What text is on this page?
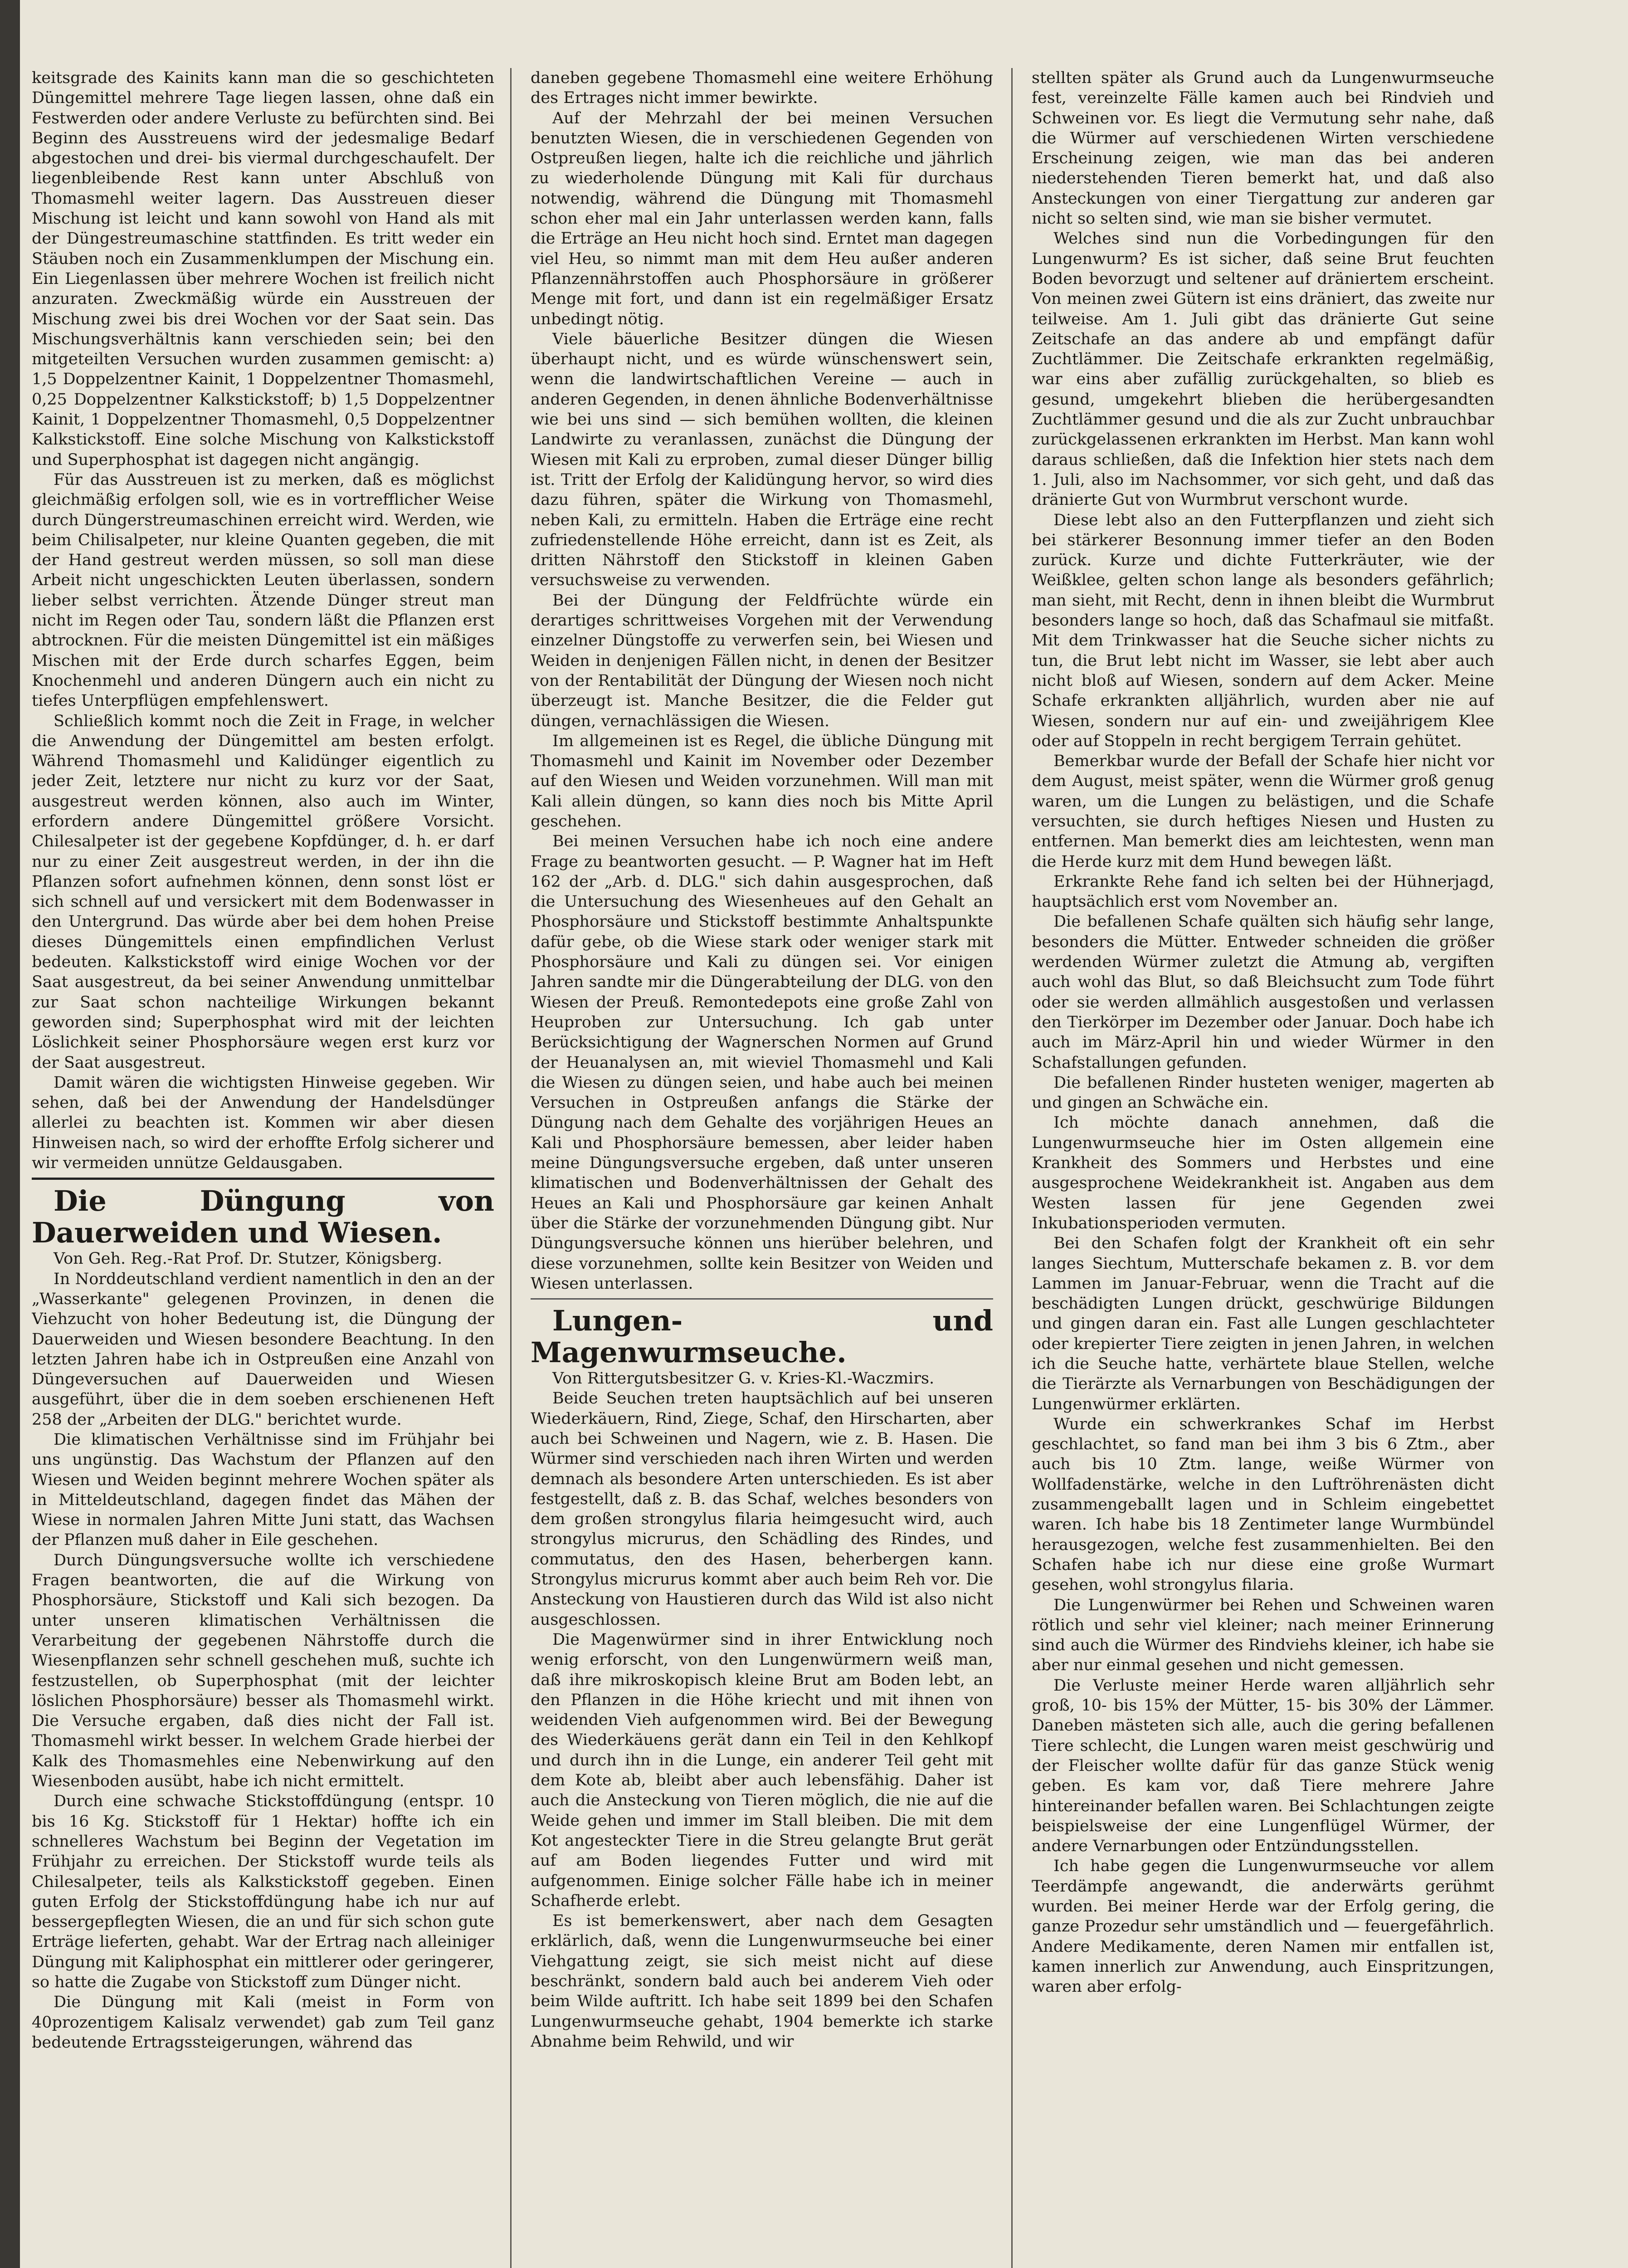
keitsgrade des Kainits kann man die so geschichteten Düngemittel mehrere Tage liegen lassen, ohne daß ein Festwerden oder andere Verluste zu befürchten sind. Bei Beginn des Ausstreuens wird der jedesmalige Bedarf abgestochen und drei- bis viermal durchgeschaufelt. Der liegenbleibende Rest kann unter Abschluß von Thomasmehl weiter lagern. Das Ausstreuen dieser Mischung ist leicht und kann sowohl von Hand als mit der Düngestreumaschine stattfinden. Es tritt weder ein Stäuben noch ein Zusammenklumpen der Mischung ein. Ein Liegenlassen über mehrere Wochen ist freilich nicht anzuraten. Zweckmäßig würde ein Ausstreuen der Mischung zwei bis drei Wochen vor der Saat sein. Das Mischungsverhältnis kann verschieden sein; bei den mitgeteilten Versuchen wurden zusammen gemischt: a) 1,5 Doppelzentner Kainit, 1 Doppelzentner Thomasmehl, 0,25 Doppelzentner Kalkstickstoff; b) 1,5 Doppelzentner Kainit, 1 Doppelzentner Thomasmehl, 0,5 Doppelzentner Kalkstickstoff. Eine solche Mischung von Kalkstickstoff und Superphosphat ist dagegen nicht angängig.

Für das Ausstreuen ist zu merken, daß es möglichst gleichmäßig erfolgen soll, wie es in vortrefflicher Weise durch Düngerstreumaschinen erreicht wird. Werden, wie beim Chilisalpeter, nur kleine Quanten gegeben, die mit der Hand gestreut werden müssen, so soll man diese Arbeit nicht ungeschickten Leuten überlassen, sondern lieber selbst verrichten. Ätzende Dünger streut man nicht im Regen oder Tau, sondern läßt die Pflanzen erst abtrocknen. Für die meisten Düngemittel ist ein mäßiges Mischen mit der Erde durch scharfes Eggen, beim Knochenmehl und anderen Düngern auch ein nicht zu tiefes Unterpflügen empfehlenswert.

Schließlich kommt noch die Zeit in Frage, in welcher die Anwendung der Düngemittel am besten erfolgt. Während Thomasmehl und Kalidünger eigentlich zu jeder Zeit, letztere nur nicht zu kurz vor der Saat, ausgestreut werden können, also auch im Winter, erfordern andere Düngemittel größere Vorsicht. Chilesalpeter ist der gegebene Kopfdünger, d. h. er darf nur zu einer Zeit ausgestreut werden, in der ihn die Pflanzen sofort aufnehmen können, denn sonst löst er sich schnell auf und versickert mit dem Bodenwasser in den Untergrund. Das würde aber bei dem hohen Preise dieses Düngemittels einen empfindlichen Verlust bedeuten. Kalkstickstoff wird einige Wochen vor der Saat ausgestreut, da bei seiner Anwendung unmittelbar zur Saat schon nachteilige Wirkungen bekannt geworden sind; Superphosphat wird mit der leichten Löslichkeit seiner Phosphorsäure wegen erst kurz vor der Saat ausgestreut.

Damit wären die wichtigsten Hinweise gegeben. Wir sehen, daß bei der Anwendung der Handelsdünger allerlei zu beachten ist. Kommen wir aber diesen Hinweisen nach, so wird der erhoffte Erfolg sicherer und wir vermeiden unnütze Geldausgaben.

Die Düngung von Dauerweiden und Wiesen.

Von Geh. Reg.-Rat Prof. Dr. Stutzer, Königsberg.

In Norddeutschland verdient namentlich in den an der „Wasserkante" gelegenen Provinzen, in denen die Viehzucht von hoher Bedeutung ist, die Düngung der Dauerweiden und Wiesen besondere Beachtung. In den letzten Jahren habe ich in Ostpreußen eine Anzahl von Düngeversuchen auf Dauerweiden und Wiesen ausgeführt, über die in dem soeben erschienenen Heft 258 der „Arbeiten der DLG." berichtet wurde.

Die klimatischen Verhältnisse sind im Frühjahr bei uns ungünstig. Das Wachstum der Pflanzen auf den Wiesen und Weiden beginnt mehrere Wochen später als in Mitteldeutschland, dagegen findet das Mähen der Wiese in normalen Jahren Mitte Juni statt, das Wachsen der Pflanzen muß daher in Eile geschehen.

Durch Düngungsversuche wollte ich verschiedene Fragen beantworten, die auf die Wirkung von Phosphorsäure, Stickstoff und Kali sich bezogen. Da unter unseren klimatischen Verhältnissen die Verarbeitung der gegebenen Nährstoffe durch die Wiesenpflanzen sehr schnell geschehen muß, suchte ich festzustellen, ob Superphosphat (mit der leichter löslichen Phosphorsäure) besser als Thomasmehl wirkt. Die Versuche ergaben, daß dies nicht der Fall ist. Thomasmehl wirkt besser. In welchem Grade hierbei der Kalk des Thomasmehles eine Nebenwirkung auf den Wiesenboden ausübt, habe ich nicht ermittelt.

Durch eine schwache Stickstoffdüngung (entspr. 10 bis 16 Kg. Stickstoff für 1 Hektar) hoffte ich ein schnelleres Wachstum bei Beginn der Vegetation im Frühjahr zu erreichen. Der Stickstoff wurde teils als Chilesalpeter, teils als Kalkstickstoff gegeben. Einen guten Erfolg der Stickstoffdüngung habe ich nur auf bessergepflegten Wiesen, die an und für sich schon gute Erträge lieferten, gehabt. War der Ertrag nach alleiniger Düngung mit Kaliphosphat ein mittlerer oder geringerer, so hatte die Zugabe von Stickstoff zum Dünger nicht.

Die Düngung mit Kali (meist in Form von 40prozentigem Kalisalz verwendet) gab zum Teil ganz bedeutende Ertragssteigerungen, während das

daneben gegebene Thomasmehl eine weitere Erhöhung des Ertrages nicht immer bewirkte.

Auf der Mehrzahl der bei meinen Versuchen benutzten Wiesen, die in verschiedenen Gegenden von Ostpreußen liegen, halte ich die reichliche und jährlich zu wiederholende Düngung mit Kali für durchaus notwendig, während die Düngung mit Thomasmehl schon eher mal ein Jahr unterlassen werden kann, falls die Erträge an Heu nicht hoch sind. Erntet man dagegen viel Heu, so nimmt man mit dem Heu außer anderen Pflanzennährstoffen auch Phosphorsäure in größerer Menge mit fort, und dann ist ein regelmäßiger Ersatz unbedingt nötig.

Viele bäuerliche Besitzer düngen die Wiesen überhaupt nicht, und es würde wünschenswert sein, wenn die landwirtschaftlichen Vereine — auch in anderen Gegenden, in denen ähnliche Bodenverhältnisse wie bei uns sind — sich bemühen wollten, die kleinen Landwirte zu veranlassen, zunächst die Düngung der Wiesen mit Kali zu erproben, zumal dieser Dünger billig ist. Tritt der Erfolg der Kalidüngung hervor, so wird dies dazu führen, später die Wirkung von Thomasmehl, neben Kali, zu ermitteln. Haben die Erträge eine recht zufriedenstellende Höhe erreicht, dann ist es Zeit, als dritten Nährstoff den Stickstoff in kleinen Gaben versuchsweise zu verwenden.

Bei der Düngung der Feldfrüchte würde ein derartiges schrittweises Vorgehen mit der Verwendung einzelner Düngstoffe zu verwerfen sein, bei Wiesen und Weiden in denjenigen Fällen nicht, in denen der Besitzer von der Rentabilität der Düngung der Wiesen noch nicht überzeugt ist. Manche Besitzer, die die Felder gut düngen, vernachlässigen die Wiesen.

Im allgemeinen ist es Regel, die übliche Düngung mit Thomasmehl und Kainit im November oder Dezember auf den Wiesen und Weiden vorzunehmen. Will man mit Kali allein düngen, so kann dies noch bis Mitte April geschehen.

Bei meinen Versuchen habe ich noch eine andere Frage zu beantworten gesucht. — P. Wagner hat im Heft 162 der „Arb. d. DLG." sich dahin ausgesprochen, daß die Untersuchung des Wiesenheues auf den Gehalt an Phosphorsäure und Stickstoff bestimmte Anhaltspunkte dafür gebe, ob die Wiese stark oder weniger stark mit Phosphorsäure und Kali zu düngen sei. Vor einigen Jahren sandte mir die Düngerabteilung der DLG. von den Wiesen der Preuß. Remontedepots eine große Zahl von Heuproben zur Untersuchung. Ich gab unter Berücksichtigung der Wagnerschen Normen auf Grund der Heuanalysen an, mit wieviel Thomasmehl und Kali die Wiesen zu düngen seien, und habe auch bei meinen Versuchen in Ostpreußen anfangs die Stärke der Düngung nach dem Gehalte des vorjährigen Heues an Kali und Phosphorsäure bemessen, aber leider haben meine Düngungsversuche ergeben, daß unter unseren klimatischen und Bodenverhältnissen der Gehalt des Heues an Kali und Phosphorsäure gar keinen Anhalt über die Stärke der vorzunehmenden Düngung gibt. Nur Düngungsversuche können uns hierüber belehren, und diese vorzunehmen, sollte kein Besitzer von Weiden und Wiesen unterlassen.

Lungen- und Magenwurmseuche.

Von Rittergutsbesitzer G. v. Kries-Kl.-Waczmirs.

Beide Seuchen treten hauptsächlich auf bei unseren Wiederkäuern, Rind, Ziege, Schaf, den Hirscharten, aber auch bei Schweinen und Nagern, wie z. B. Hasen. Die Würmer sind verschieden nach ihren Wirten und werden demnach als besondere Arten unterschieden. Es ist aber festgestellt, daß z. B. das Schaf, welches besonders von dem großen strongylus filaria heimgesucht wird, auch strongylus micrurus, den Schädling des Rindes, und commutatus, den des Hasen, beherbergen kann. Strongylus micrurus kommt aber auch beim Reh vor. Die Ansteckung von Haustieren durch das Wild ist also nicht ausgeschlossen.

Die Magenwürmer sind in ihrer Entwicklung noch wenig erforscht, von den Lungenwürmern weiß man, daß ihre mikroskopisch kleine Brut am Boden lebt, an den Pflanzen in die Höhe kriecht und mit ihnen von weidenden Vieh aufgenommen wird. Bei der Bewegung des Wiederkäuens gerät dann ein Teil in den Kehlkopf und durch ihn in die Lunge, ein anderer Teil geht mit dem Kote ab, bleibt aber auch lebensfähig. Daher ist auch die Ansteckung von Tieren möglich, die nie auf die Weide gehen und immer im Stall bleiben. Die mit dem Kot angesteckter Tiere in die Streu gelangte Brut gerät auf am Boden liegendes Futter und wird mit aufgenommen. Einige solcher Fälle habe ich in meiner Schafherde erlebt.

Es ist bemerkenswert, aber nach dem Gesagten erklärlich, daß, wenn die Lungenwurmseuche bei einer Viehgattung zeigt, sie sich meist nicht auf diese beschränkt, sondern bald auch bei anderem Vieh oder beim Wilde auftritt. Ich habe seit 1899 bei den Schafen Lungenwurmseuche gehabt, 1904 bemerkte ich starke Abnahme beim Rehwild, und wir

stellten später als Grund auch da Lungenwurmseuche fest, vereinzelte Fälle kamen auch bei Rindvieh und Schweinen vor. Es liegt die Vermutung sehr nahe, daß die Würmer auf verschiedenen Wirten verschiedene Erscheinung zeigen, wie man das bei anderen niederstehenden Tieren bemerkt hat, und daß also Ansteckungen von einer Tiergattung zur anderen gar nicht so selten sind, wie man sie bisher vermutet.

Welches sind nun die Vorbedingungen für den Lungenwurm? Es ist sicher, daß seine Brut feuchten Boden bevorzugt und seltener auf dräniertem erscheint. Von meinen zwei Gütern ist eins dräniert, das zweite nur teilweise. Am 1. Juli gibt das dränierte Gut seine Zeitschafe an das andere ab und empfängt dafür Zuchtlämmer. Die Zeitschafe erkrankten regelmäßig, war eins aber zufällig zurückgehalten, so blieb es gesund, umgekehrt blieben die herübergesandten Zuchtlämmer gesund und die als zur Zucht unbrauchbar zurückgelassenen erkrankten im Herbst. Man kann wohl daraus schließen, daß die Infektion hier stets nach dem 1. Juli, also im Nachsommer, vor sich geht, und daß das dränierte Gut von Wurmbrut verschont wurde.

Diese lebt also an den Futterpflanzen und zieht sich bei stärkerer Besonnung immer tiefer an den Boden zurück. Kurze und dichte Futterkräuter, wie der Weißklee, gelten schon lange als besonders gefährlich; man sieht, mit Recht, denn in ihnen bleibt die Wurmbrut besonders lange so hoch, daß das Schafmaul sie mitfaßt. Mit dem Trinkwasser hat die Seuche sicher nichts zu tun, die Brut lebt nicht im Wasser, sie lebt aber auch nicht bloß auf Wiesen, sondern auf dem Acker. Meine Schafe erkrankten alljährlich, wurden aber nie auf Wiesen, sondern nur auf ein- und zweijährigem Klee oder auf Stoppeln in recht bergigem Terrain gehütet.

Bemerkbar wurde der Befall der Schafe hier nicht vor dem August, meist später, wenn die Würmer groß genug waren, um die Lungen zu belästigen, und die Schafe versuchten, sie durch heftiges Niesen und Husten zu entfernen. Man bemerkt dies am leichtesten, wenn man die Herde kurz mit dem Hund bewegen läßt.

Erkrankte Rehe fand ich selten bei der Hühnerjagd, hauptsächlich erst vom November an.

Die befallenen Schafe quälten sich häufig sehr lange, besonders die Mütter. Entweder schneiden die größer werdenden Würmer zuletzt die Atmung ab, vergiften auch wohl das Blut, so daß Bleichsucht zum Tode führt oder sie werden allmählich ausgestoßen und verlassen den Tierkörper im Dezember oder Januar. Doch habe ich auch im März-April hin und wieder Würmer in den Schafstallungen gefunden.

Die befallenen Rinder husteten weniger, magerten ab und gingen an Schwäche ein.

Ich möchte danach annehmen, daß die Lungenwurmseuche hier im Osten allgemein eine Krankheit des Sommers und Herbstes und eine ausgesprochene Weidekrankheit ist. Angaben aus dem Westen lassen für jene Gegenden zwei Inkubationsperioden vermuten.

Bei den Schafen folgt der Krankheit oft ein sehr langes Siechtum, Mutterschafe bekamen z. B. vor dem Lammen im Januar-Februar, wenn die Tracht auf die beschädigten Lungen drückt, geschwürige Bildungen und gingen daran ein. Fast alle Lungen geschlachteter oder krepierter Tiere zeigten in jenen Jahren, in welchen ich die Seuche hatte, verhärtete blaue Stellen, welche die Tierärzte als Vernarbungen von Beschädigungen der Lungenwürmer erklärten.

Wurde ein schwerkrankes Schaf im Herbst geschlachtet, so fand man bei ihm 3 bis 6 Ztm., aber auch bis 10 Ztm. lange, weiße Würmer von Wollfadenstärke, welche in den Luftröhrenästen dicht zusammengeballt lagen und in Schleim eingebettet waren. Ich habe bis 18 Zentimeter lange Wurmbündel herausgezogen, welche fest zusammenhielten. Bei den Schafen habe ich nur diese eine große Wurmart gesehen, wohl strongylus filaria.

Die Lungenwürmer bei Rehen und Schweinen waren rötlich und sehr viel kleiner; nach meiner Erinnerung sind auch die Würmer des Rindviehs kleiner, ich habe sie aber nur einmal gesehen und nicht gemessen.

Die Verluste meiner Herde waren alljährlich sehr groß, 10- bis 15% der Mütter, 15- bis 30% der Lämmer. Daneben mästeten sich alle, auch die gering befallenen Tiere schlecht, die Lungen waren meist geschwürig und der Fleischer wollte dafür für das ganze Stück wenig geben. Es kam vor, daß Tiere mehrere Jahre hintereinander befallen waren. Bei Schlachtungen zeigte beispielsweise der eine Lungenflügel Würmer, der andere Vernarbungen oder Entzündungsstellen.

Ich habe gegen die Lungenwurmseuche vor allem Teerdämpfe angewandt, die anderwärts gerühmt wurden. Bei meiner Herde war der Erfolg gering, die ganze Prozedur sehr umständlich und — feuergefährlich. Andere Medikamente, deren Namen mir entfallen ist, kamen innerlich zur Anwendung, auch Einspritzungen, waren aber erfolg-
